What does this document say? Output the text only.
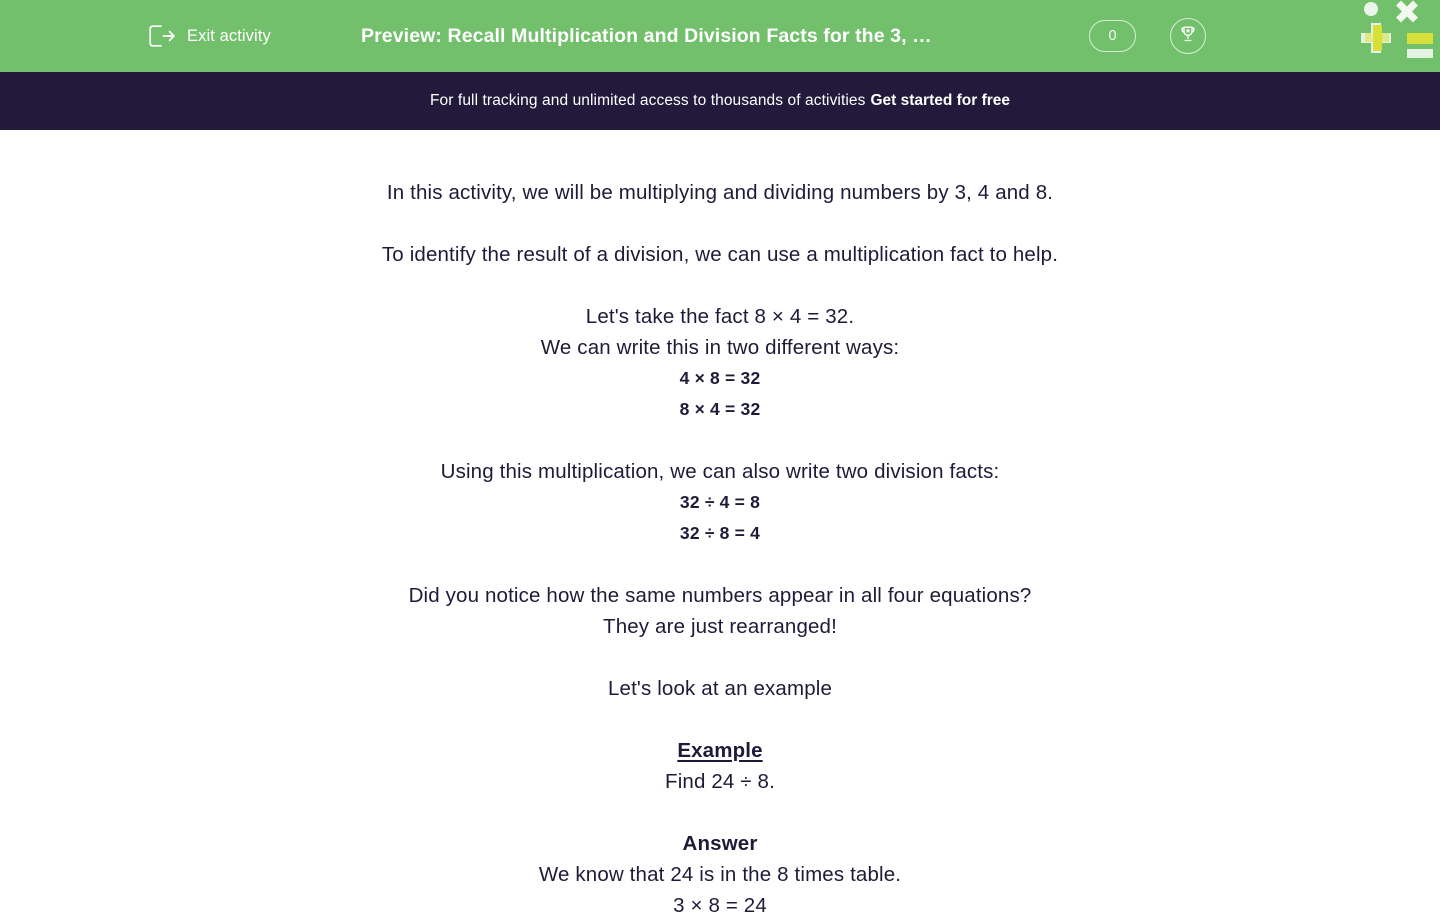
Exit activity	Preview: Recall Multiplication and Division Facts for the 3, …	0
For full tracking and unlimited access to thousands of activities Get started for free
In this activity, we will be multiplying and dividing numbers by 3, 4 and 8.
To identify the result of a division, we can use a multiplication fact to help.
Let's take the fact 8 × 4 = 32.
We can write this in two different ways:
4 × 8 = 32
8 × 4 = 32
Using this multiplication, we can also write two division facts:
32 ÷ 4 = 8
32 ÷ 8 = 4
Did you notice how the same numbers appear in all four equations?
They are just rearranged!
Let's look at an example
Example
Find 24 ÷ 8.
Answer
We know that 24 is in the 8 times table.
3 × 8 = 24
